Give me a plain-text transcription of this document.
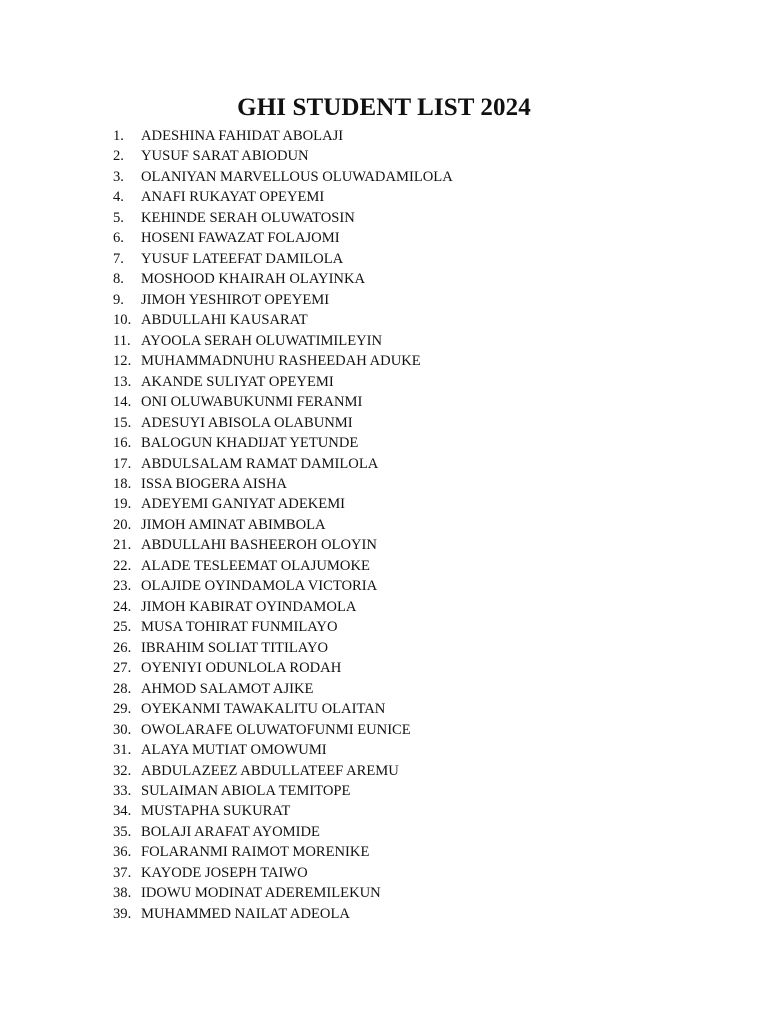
GHI STUDENT LIST 2024
1. ADESHINA FAHIDAT ABOLAJI
2. YUSUF SARAT ABIODUN
3. OLANIYAN MARVELLOUS OLUWADAMILOLA
4. ANAFI RUKAYAT OPEYEMI
5. KEHINDE SERAH OLUWATOSIN
6. HOSENI FAWAZAT FOLAJOMI
7. YUSUF LATEEFAT DAMILOLA
8. MOSHOOD KHAIRAH OLAYINKA
9. JIMOH YESHIROT OPEYEMI
10. ABDULLAHI KAUSARAT
11. AYOOLA SERAH OLUWATIMILEYIN
12. MUHAMMADNUHU RASHEEDAH ADUKE
13. AKANDE SULIYAT OPEYEMI
14. ONI OLUWABUKUNMI FERANMI
15. ADESUYI ABISOLA OLABUNMI
16. BALOGUN KHADIJAT YETUNDE
17. ABDULSALAM RAMAT DAMILOLA
18. ISSA BIOGERA AISHA
19. ADEYEMI GANIYAT ADEKEMI
20. JIMOH AMINAT ABIMBOLA
21. ABDULLAHI BASHEEROH OLOYIN
22. ALADE TESLEEMAT OLAJUMOKE
23. OLAJIDE OYINDAMOLA VICTORIA
24. JIMOH KABIRAT OYINDAMOLA
25. MUSA TOHIRAT FUNMILAYO
26. IBRAHIM SOLIAT TITILAYO
27. OYENIYI ODUNLOLA RODAH
28. AHMOD SALAMOT AJIKE
29. OYEKANMI TAWAKALITU OLAITAN
30. OWOLARAFE OLUWATOFUNMI EUNICE
31. ALAYA MUTIAT OMOWUMI
32. ABDULAZEEZ ABDULLATEEF AREMU
33. SULAIMAN ABIOLA TEMITOPE
34. MUSTAPHA SUKURAT
35. BOLAJI ARAFAT AYOMIDE
36. FOLARANMI RAIMOT MORENIKE
37. KAYODE JOSEPH TAIWO
38. IDOWU MODINAT ADEREMILEKUN
39. MUHAMMED NAILAT ADEOLA
